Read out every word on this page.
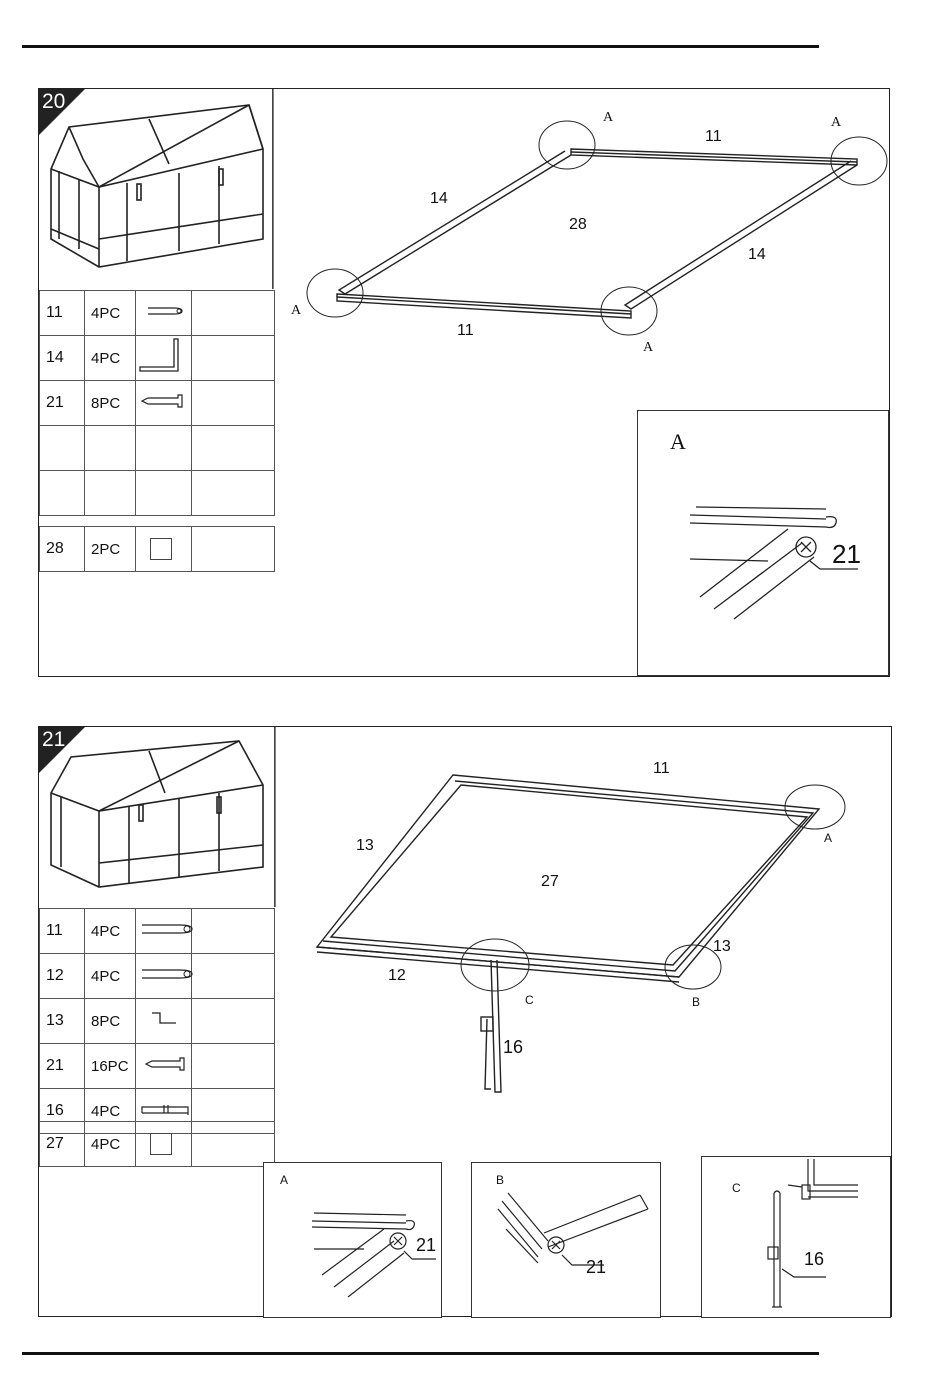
20
11	4PC		
14	4PC		
21	8PC		

28	2PC		
11
11
14
14
28
A	A
A
A
A
21
21
11	4PC		
12	4PC		
13	8PC		
21	16PC		
16	4PC		
27	4PC		
11
12
13
13
27
16
A
B
C
A
21
B
21
C
16
